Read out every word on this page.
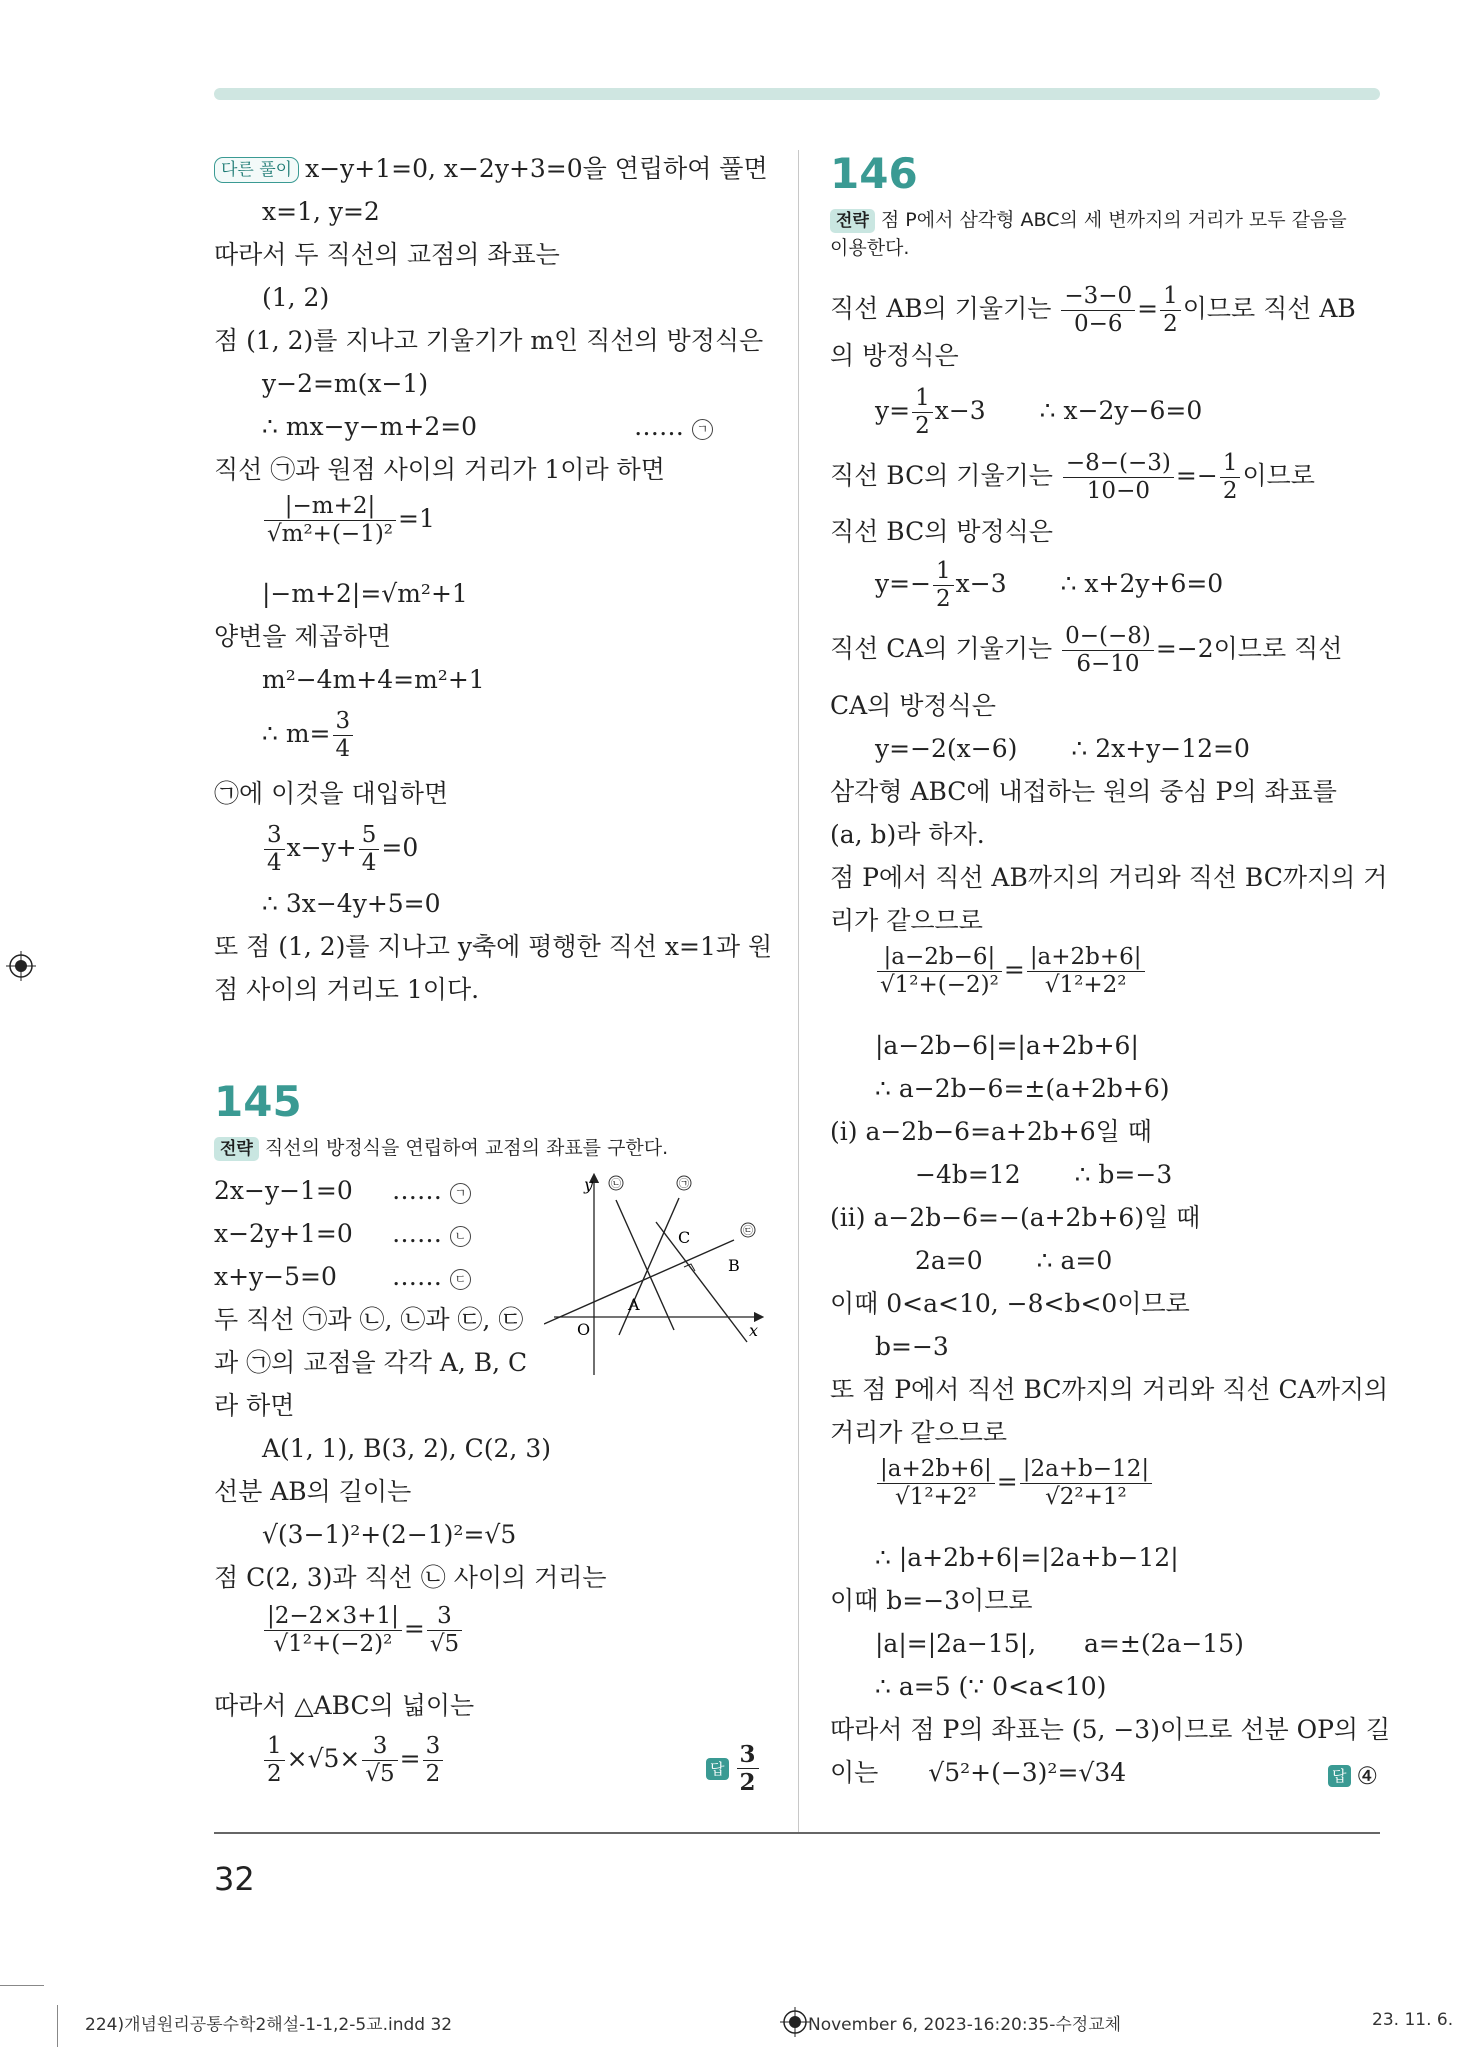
다른 풀이 x−y+1=0, x−2y+3=0을 연립하여 풀면
x=1, y=2
따라서 두 직선의 교점의 좌표는
(1, 2)
점 (1, 2)를 지나고 기울기가 m인 직선의 방정식은
y−2=m(x−1)
∴ mx−y−m+2=0	…… ㄱ
직선 ㉠과 원점 사이의 거리가 1이라 하면
$\frac{|-m+2|}{\text{√m²+(−1)²}} =1$
|−m+2|=√m²+1
양변을 제곱하면
m²−4m+4=m²+1
∴ $m= \frac{3}{4}$
㉠에 이것을 대입하면
$\frac{3}{4} x-y+ \frac{5}{4} =0$
∴ 3x−4y+5=0
또 점 (1, 2)를 지나고 y축에 평행한 직선 x=1과 원
점 사이의 거리도 1이다.
145
전략 직선의 방정식을 연립하여 교점의 좌표를 구한다.
2x−y−1=0 …… ㄱ
x−2y+1=0 …… ㄴ
x+y−5=0 …… ㄷ
두 직선 ㉠과 ㉡, ㉡과 ㉢, ㉢
과 ㉠의 교점을 각각 A, B, C
라 하면
y
x
O
A
B
C
㉡	㉠
㉢
A(1, 1), B(3, 2), C(2, 3)
선분 AB의 길이는
√(3−1)²+(2−1)²=√5
점 C(2, 3)과 직선 ㉡ 사이의 거리는
$\frac{|2-2\times 3+1|}{\text{√1²+(−2)²}} = \frac{3}{√5}$
따라서 △ABC의 넓이는
$\frac{1}{2} \times√5\times \frac{3}{√5} = \frac{3}{2}$	답 $\frac{3}{2}$
146
전략 점 P에서 삼각형 ABC의 세 변까지의 거리가 모두 같음을
이용한다.
직선 AB의 기울기는 $\frac{-3-0}{0-6} = \frac{1}{2}$ 이므로 직선 AB
의 방정식은
$y= \frac{1}{2} x-3$ ∴ x−2y−6=0
직선 BC의 기울기는 $\frac{-8-(-3)}{10-0} =- \frac{1}{2}$ 이므로
직선 BC의 방정식은
$y=- \frac{1}{2} x-3$ ∴ x+2y+6=0
직선 CA의 기울기는 $\frac{0-(-8)}{6-10} =-2$이므로 직선
CA의 방정식은
y=−2(x−6) ∴ 2x+y−12=0
삼각형 ABC에 내접하는 원의 중심 P의 좌표를
(a, b)라 하자.
점 P에서 직선 AB까지의 거리와 직선 BC까지의 거
리가 같으므로
$\frac{|a-2b-6|}{\text{√1²+(−2)²}} = \frac{|a+2b+6|}{\text{√1²+2²}}$
|a−2b−6|=|a+2b+6|
∴ a−2b−6=±(a+2b+6)
(ⅰ) a−2b−6=a+2b+6일 때
−4b=12 ∴ b=−3
(ⅱ) a−2b−6=−(a+2b+6)일 때
2a=0 ∴ a=0
이때 0<a<10, −8<b<0이므로
b=−3
또 점 P에서 직선 BC까지의 거리와 직선 CA까지의
거리가 같으므로
$\frac{|a+2b+6|}{\text{√1²+2²}} = \frac{|2a+b-12|}{\text{√2²+1²}}$
∴ |a+2b+6|=|2a+b−12|
이때 b=−3이므로
|a|=|2a−15|, a=±(2a−15)
∴ a=5 (∵ 0<a<10)
따라서 점 P의 좌표는 (5, −3)이므로 선분 OP의 길
이는 √5²+(−3)²=√34	답 ④
32
224)개념원리공통수학2해설-1-1,2-5교.indd 32	November 6, 2023-16:20:35-수정교체	23. 11. 6.
